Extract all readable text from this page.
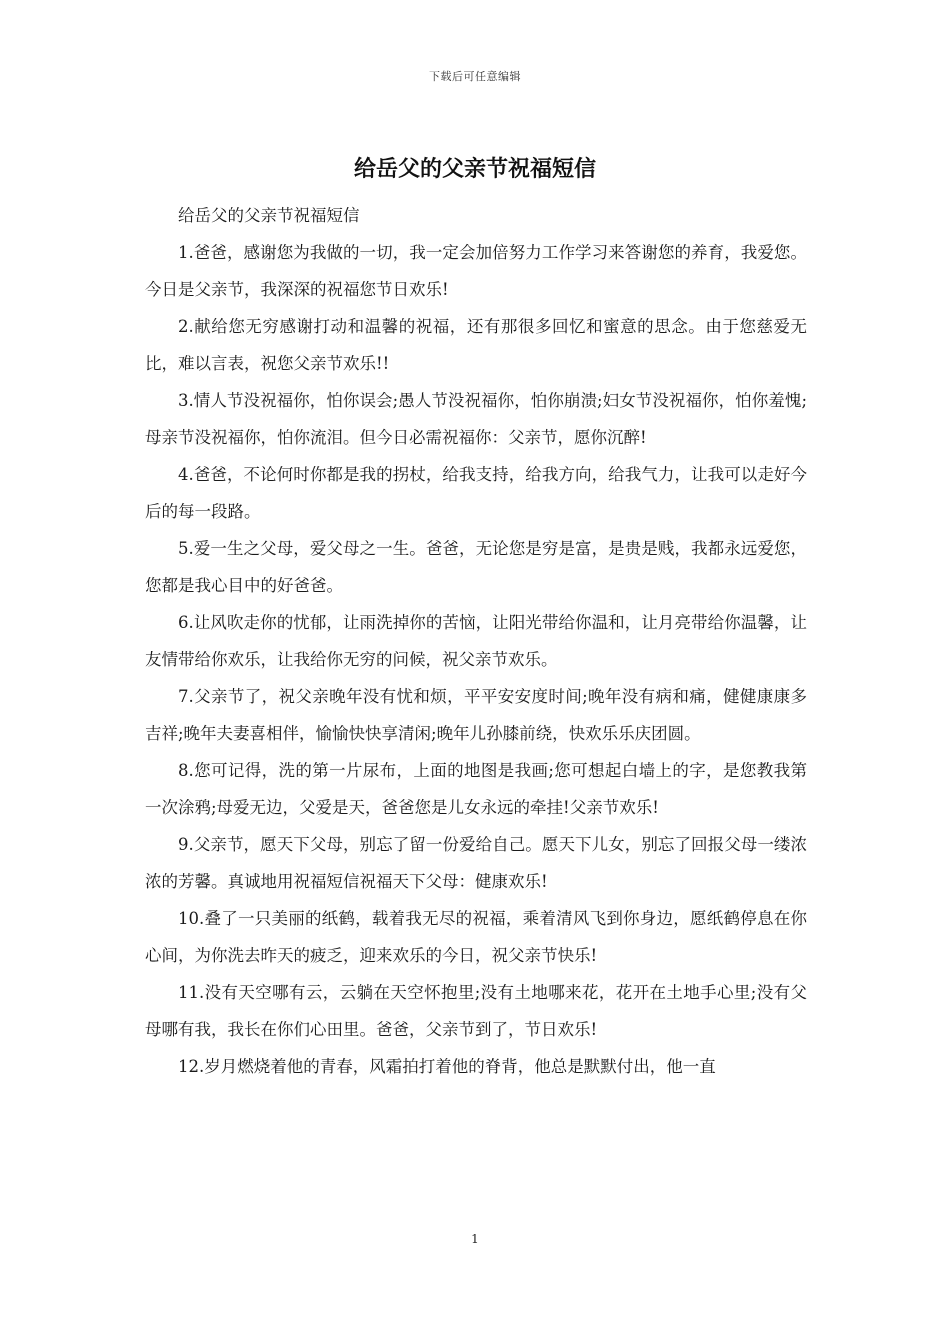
下载后可任意编辑
给岳父的父亲节祝福短信

给岳父的父亲节祝福短信

1.爸爸，感谢您为我做的一切，我一定会加倍努力工作学习来答谢您的养育，我爱您。今日是父亲节，我深深的祝福您节日欢乐!

2.献给您无穷感谢打动和温馨的祝福，还有那很多回忆和蜜意的思念。由于您慈爱无比，难以言表，祝您父亲节欢乐!!

3.情人节没祝福你，怕你误会;愚人节没祝福你，怕你崩溃;妇女节没祝福你，怕你羞愧;母亲节没祝福你，怕你流泪。但今日必需祝福你：父亲节，愿你沉醉!

4.爸爸，不论何时你都是我的拐杖，给我支持，给我方向，给我气力，让我可以走好今后的每一段路。

5.爱一生之父母，爱父母之一生。爸爸，无论您是穷是富，是贵是贱，我都永远爱您，您都是我心目中的好爸爸。

6.让风吹走你的忧郁，让雨洗掉你的苦恼，让阳光带给你温和，让月亮带给你温馨，让友情带给你欢乐，让我给你无穷的问候，祝父亲节欢乐。

7.父亲节了，祝父亲晚年没有忧和烦，平平安安度时间;晚年没有病和痛，健健康康多吉祥;晚年夫妻喜相伴，愉愉快快享清闲;晚年儿孙膝前绕，快欢乐乐庆团圆。

8.您可记得，洗的第一片尿布，上面的地图是我画;您可想起白墙上的字，是您教我第一次涂鸦;母爱无边，父爱是天，爸爸您是儿女永远的牵挂!父亲节欢乐!

9.父亲节，愿天下父母，别忘了留一份爱给自己。愿天下儿女，别忘了回报父母一缕浓浓的芳馨。真诚地用祝福短信祝福天下父母：健康欢乐!

10.叠了一只美丽的纸鹤，载着我无尽的祝福，乘着清风飞到你身边，愿纸鹤停息在你心间，为你洗去昨天的疲乏，迎来欢乐的今日，祝父亲节快乐!

11.没有天空哪有云，云躺在天空怀抱里;没有土地哪来花，花开在土地手心里;没有父母哪有我，我长在你们心田里。爸爸，父亲节到了，节日欢乐!

12.岁月燃烧着他的青春，风霜拍打着他的脊背，他总是默默付出，他一直

1
